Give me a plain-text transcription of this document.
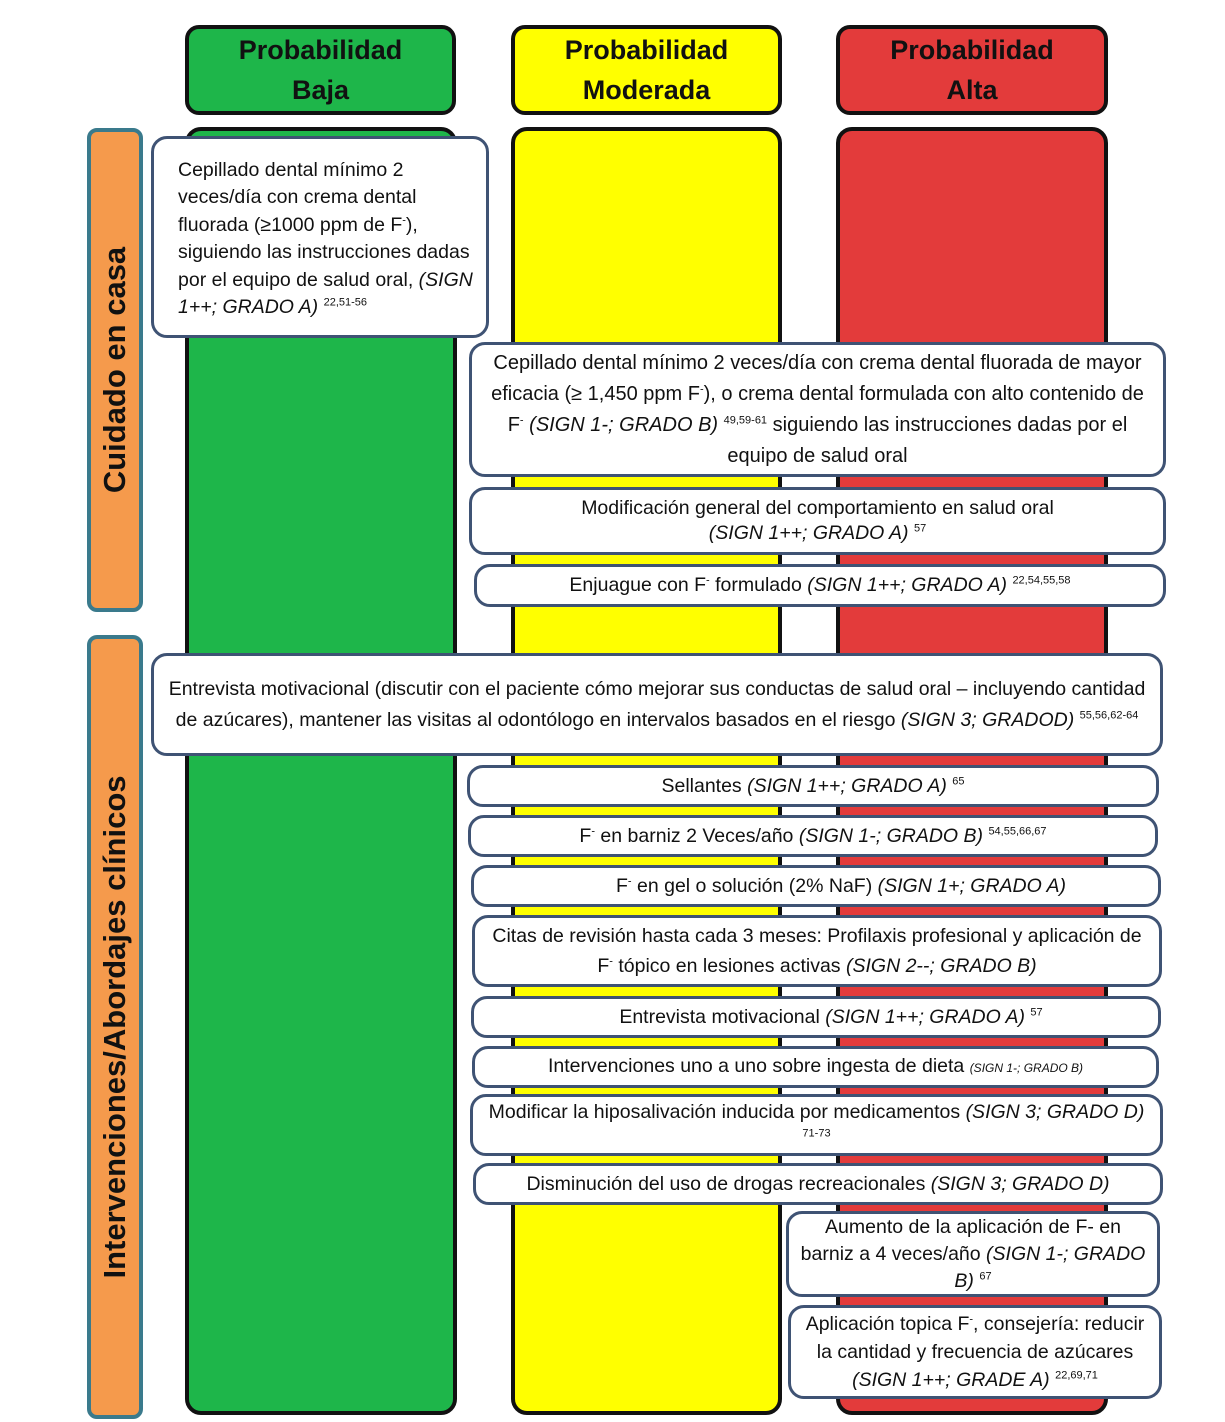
Probabilidad
Baja
Probabilidad
Moderada
Probabilidad
Alta
Cuidado en casa
Intervenciones/Abordajes clínicos
Cepillado dental mínimo 2 veces/día con crema dental fluorada (≥1000 ppm de F-), siguiendo las instrucciones dadas por el equipo de salud oral, (SIGN 1++; GRADO A) $^{22,51-56}$
Cepillado dental mínimo 2 veces/día con crema dental fluorada de mayor eficacia (≥ 1,450 ppm F-), o crema dental formulada con alto contenido de F- (SIGN 1-; GRADO B) $^{49,59-61}$ siguiendo las instrucciones dadas por el equipo de salud oral
Modificación general del comportamiento en salud oral
(SIGN 1++; GRADO A) $^{57}$
Enjuague con F- formulado (SIGN 1++; GRADO A) $^{22,54,55,58}$
Entrevista motivacional (discutir con el paciente cómo mejorar sus conductas de salud oral – incluyendo cantidad de azúcares), mantener las visitas al odontólogo en intervalos basados en el riesgo (SIGN 3; GRADOD) $^{55,56,62-64}$
Sellantes (SIGN 1++; GRADO A) $^{65}$
F- en barniz 2 Veces/año (SIGN 1-; GRADO B) $^{54,55,66,67}$
F- en gel o solución (2% NaF) (SIGN 1+; GRADO A)
Citas de revisión hasta cada 3 meses: Profilaxis profesional y aplicación de F- tópico en lesiones activas (SIGN 2--; GRADO B)
Entrevista motivacional (SIGN 1++; GRADO A) $^{57}$
Intervenciones uno a uno sobre ingesta de dieta (SIGN 1-; GRADO B)
Modificar la hiposalivación inducida por medicamentos (SIGN 3; GRADO D) $^{71-73}$
Disminución del uso de drogas recreacionales (SIGN 3; GRADO D)
Aumento de la aplicación de F- en barniz a 4 veces/año (SIGN 1-; GRADO B) $^{67}$
Aplicación topica F-, consejería: reducir la cantidad y frecuencia de azúcares (SIGN 1++; GRADE A) $^{22,69,71}$
